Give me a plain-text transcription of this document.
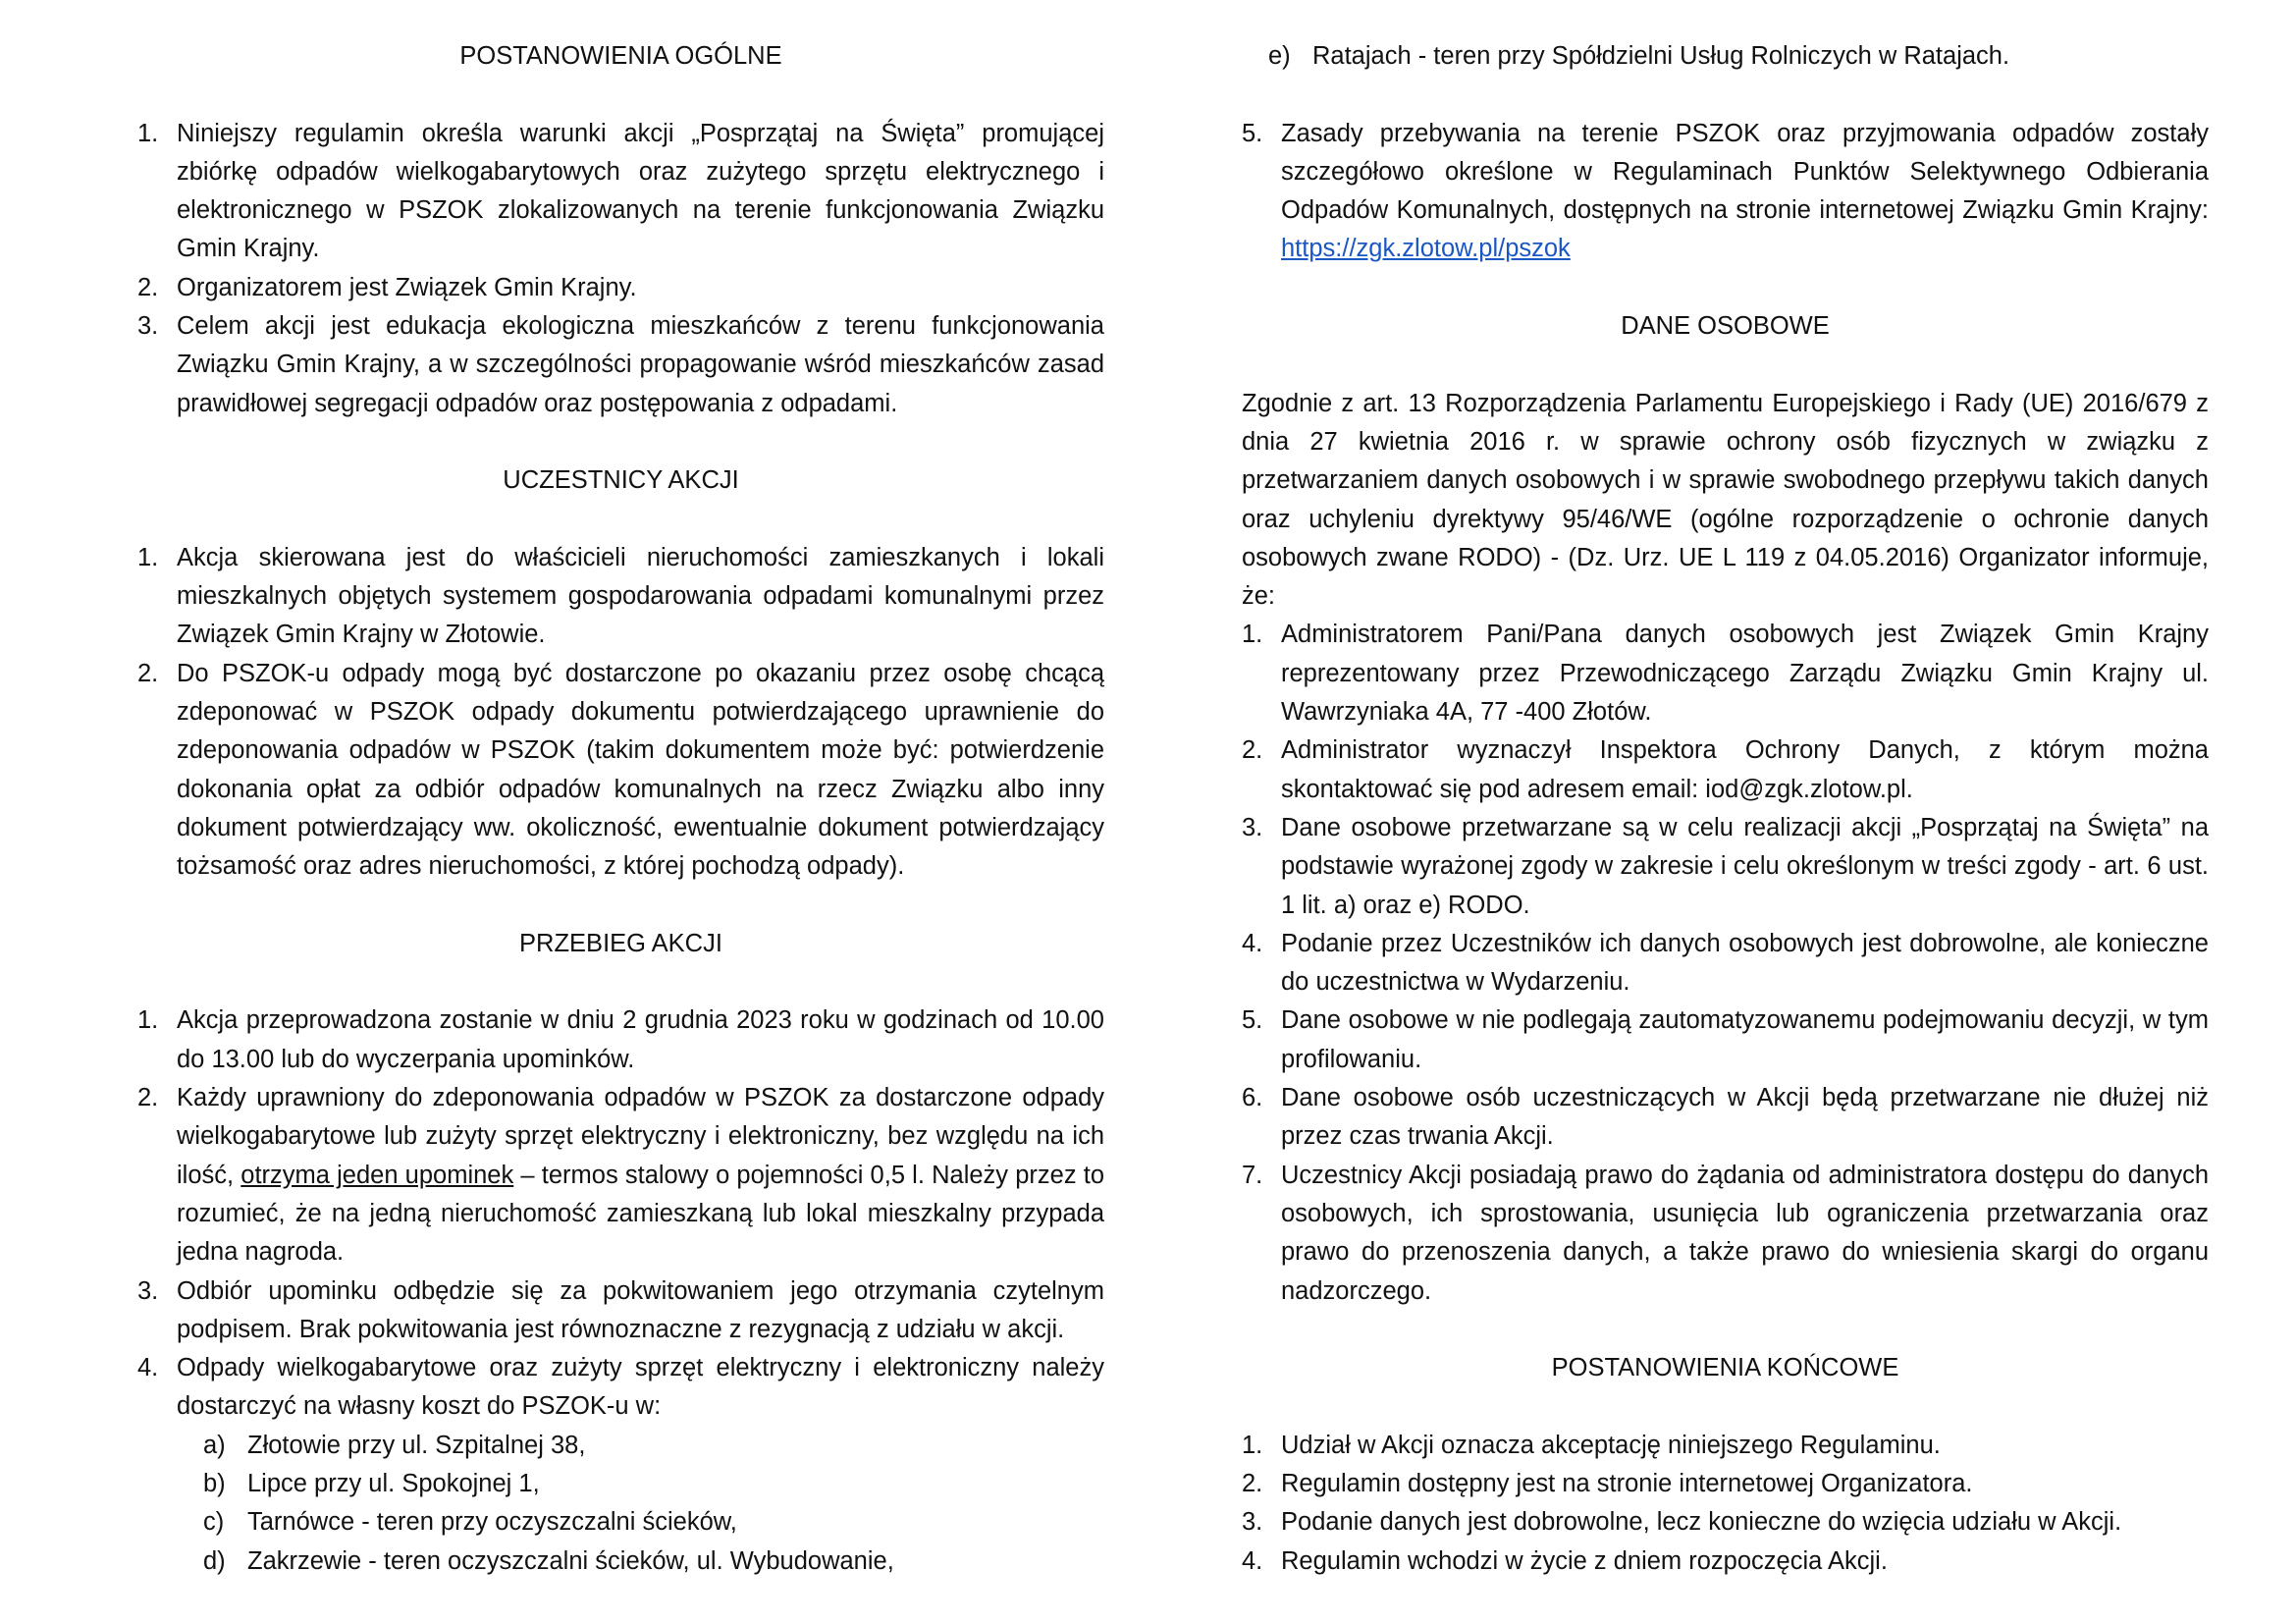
POSTANOWIENIA OGÓLNE
1. Niniejszy regulamin określa warunki akcji „Posprzątaj na Święta” promującej zbiórkę odpadów wielkogabarytowych oraz zużytego sprzętu elektrycznego i elektronicznego w PSZOK zlokalizowanych na terenie funkcjonowania Związku Gmin Krajny.
2. Organizatorem jest Związek Gmin Krajny.
3. Celem akcji jest edukacja ekologiczna mieszkańców z terenu funkcjonowania Związku Gmin Krajny, a w szczególności propagowanie wśród mieszkańców zasad prawidłowej segregacji odpadów oraz postępowania z odpadami.
UCZESTNICY AKCJI
1. Akcja skierowana jest do właścicieli nieruchomości zamieszkanych i lokali mieszkalnych objętych systemem gospodarowania odpadami komunalnymi przez Związek Gmin Krajny w Złotowie.
2. Do PSZOK-u odpady mogą być dostarczone po okazaniu przez osobę chcącą zdeponować w PSZOK odpady dokumentu potwierdzającego uprawnienie do zdeponowania odpadów w PSZOK (takim dokumentem może być: potwierdzenie dokonania opłat za odbiór odpadów komunalnych na rzecz Związku albo inny dokument potwierdzający ww. okoliczność, ewentualnie dokument potwierdzający tożsamość oraz adres nieruchomości, z której pochodzą odpady).
PRZEBIEG AKCJI
1. Akcja przeprowadzona zostanie w dniu 2 grudnia 2023 roku w godzinach od 10.00 do 13.00 lub do wyczerpania upominków.
2. Każdy uprawniony do zdeponowania odpadów w PSZOK za dostarczone odpady wielkogabarytowe lub zużyty sprzęt elektryczny i elektroniczny, bez względu na ich ilość, otrzyma jeden upominek – termos stalowy o pojemności 0,5 l. Należy przez to rozumieć, że na jedną nieruchomość zamieszkaną lub lokal mieszkalny przypada jedna nagroda.
3. Odbiór upominku odbędzie się za pokwitowaniem jego otrzymania czytelnym podpisem. Brak pokwitowania jest równoznaczne z rezygnacją z udziału w akcji.
4. Odpady wielkogabarytowe oraz zużyty sprzęt elektryczny i elektroniczny należy dostarczyć na własny koszt do PSZOK-u w:
a) Złotowie przy ul. Szpitalnej 38,
b) Lipce przy ul. Spokojnej 1,
c) Tarnówce - teren przy oczyszczalni ścieków,
d) Zakrzewie - teren oczyszczalni ścieków, ul. Wybudowanie,
e) Ratajach - teren przy Spółdzielni Usług Rolniczych w Ratajach.
5. Zasady przebywania na terenie PSZOK oraz przyjmowania odpadów zostały szczegółowo określone w Regulaminach Punktów Selektywnego Odbierania Odpadów Komunalnych, dostępnych na stronie internetowej Związku Gmin Krajny: https://zgk.zlotow.pl/pszok
DANE OSOBOWE

Zgodnie z art. 13 Rozporządzenia Parlamentu Europejskiego i Rady (UE) 2016/679 z dnia 27 kwietnia 2016 r. w sprawie ochrony osób fizycznych w związku z przetwarzaniem danych osobowych i w sprawie swobodnego przepływu takich danych oraz uchyleniu dyrektywy 95/46/WE (ogólne rozporządzenie o ochronie danych osobowych zwane RODO) - (Dz. Urz. UE L 119 z 04.05.2016) Organizator informuje, że:

1. Administratorem Pani/Pana danych osobowych jest Związek Gmin Krajny reprezentowany przez Przewodniczącego Zarządu Związku Gmin Krajny ul. Wawrzyniaka 4A, 77 -400 Złotów.
2. Administrator wyznaczył Inspektora Ochrony Danych, z którym można skontaktować się pod adresem email: iod@zgk.zlotow.pl.
3. Dane osobowe przetwarzane są w celu realizacji akcji „Posprzątaj na Święta” na podstawie wyrażonej zgody w zakresie i celu określonym w treści zgody - art. 6 ust. 1 lit. a) oraz e) RODO.
4. Podanie przez Uczestników ich danych osobowych jest dobrowolne, ale konieczne do uczestnictwa w Wydarzeniu.
5. Dane osobowe w nie podlegają zautomatyzowanemu podejmowaniu decyzji, w tym profilowaniu.
6. Dane osobowe osób uczestniczących w Akcji będą przetwarzane nie dłużej niż przez czas trwania Akcji.
7. Uczestnicy Akcji posiadają prawo do żądania od administratora dostępu do danych osobowych, ich sprostowania, usunięcia lub ograniczenia przetwarzania oraz prawo do przenoszenia danych, a także prawo do wniesienia skargi do organu nadzorczego.
POSTANOWIENIA KOŃCOWE
1. Udział w Akcji oznacza akceptację niniejszego Regulaminu.
2. Regulamin dostępny jest na stronie internetowej Organizatora.
3. Podanie danych jest dobrowolne, lecz konieczne do wzięcia udziału w Akcji.
4. Regulamin wchodzi w życie z dniem rozpoczęcia Akcji.
